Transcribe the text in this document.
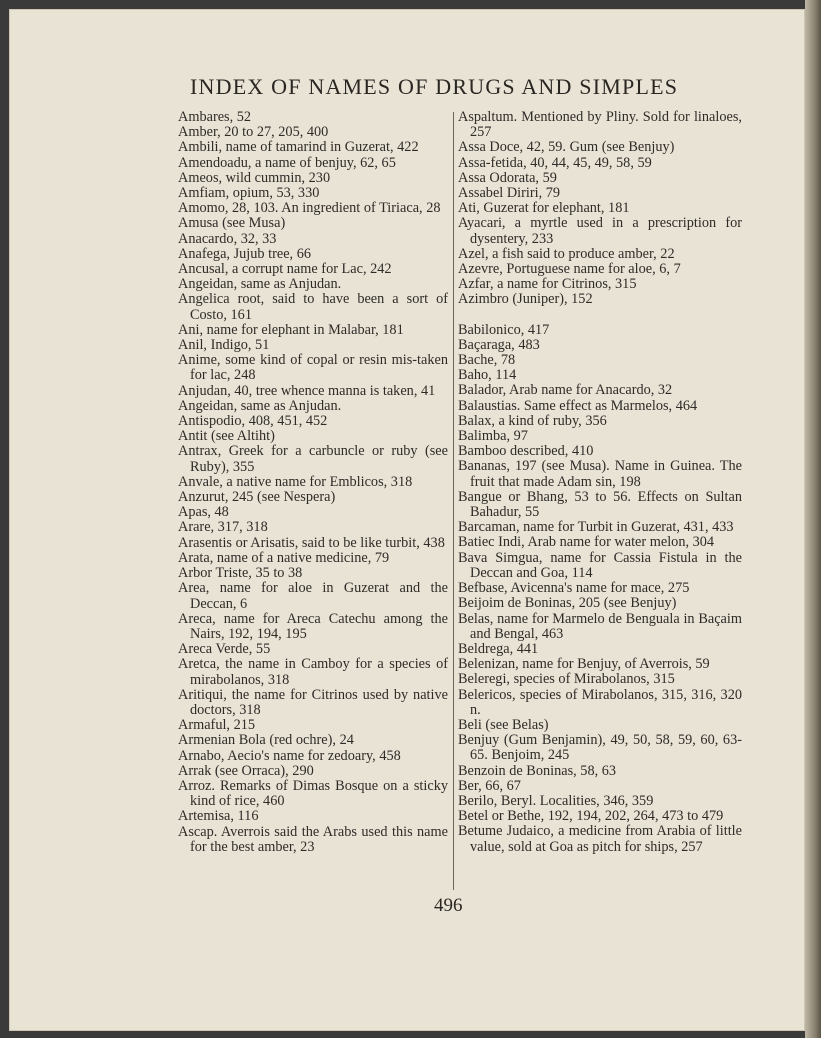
INDEX OF NAMES OF DRUGS AND SIMPLES

Ambares, 52

Amber, 20 to 27, 205, 400

Ambili, name of tamarind in Guzerat, 422

Amendoadu, a name of benjuy, 62, 65

Ameos, wild cummin, 230

Amfiam, opium, 53, 330

Amomo, 28, 103. An ingredient of Tiriaca, 28

Amusa (see Musa)

Anacardo, 32, 33

Anafega, Jujub tree, 66

Ancusal, a corrupt name for Lac, 242

Angeidan, same as Anjudan.

Angelica root, said to have been a sort of Costo, 161

Ani, name for elephant in Malabar, 181

Anil, Indigo, 51

Anime, some kind of copal or resin mis-taken for lac, 248

Anjudan, 40, tree whence manna is taken, 41

Angeidan, same as Anjudan.

Antispodio, 408, 451, 452

Antit (see Altiht)

Antrax, Greek for a carbuncle or ruby (see Ruby), 355

Anvale, a native name for Emblicos, 318

Anzurut, 245 (see Nespera)

Apas, 48

Arare, 317, 318

Arasentis or Arisatis, said to be like turbit, 438

Arata, name of a native medicine, 79

Arbor Triste, 35 to 38

Area, name for aloe in Guzerat and the Deccan, 6

Areca, name for Areca Catechu among the Nairs, 192, 194, 195

Areca Verde, 55

Aretca, the name in Camboy for a species of mirabolanos, 318

Aritiqui, the name for Citrinos used by native doctors, 318

Armaful, 215

Armenian Bola (red ochre), 24

Arnabo, Aecio's name for zedoary, 458

Arrak (see Orraca), 290

Arroz. Remarks of Dimas Bosque on a sticky kind of rice, 460

Artemisa, 116

Ascap. Averrois said the Arabs used this name for the best amber, 23

Aspaltum. Mentioned by Pliny. Sold for linaloes, 257

Assa Doce, 42, 59. Gum (see Benjuy)

Assa-fetida, 40, 44, 45, 49, 58, 59

Assa Odorata, 59

Assabel Diriri, 79

Ati, Guzerat for elephant, 181

Ayacari, a myrtle used in a prescription for dysentery, 233

Azel, a fish said to produce amber, 22

Azevre, Portuguese name for aloe, 6, 7

Azfar, a name for Citrinos, 315

Azimbro (Juniper), 152

Babilonico, 417

Baçaraga, 483

Bache, 78

Baho, 114

Balador, Arab name for Anacardo, 32

Balaustias. Same effect as Marmelos, 464

Balax, a kind of ruby, 356

Balimba, 97

Bamboo described, 410

Bananas, 197 (see Musa). Name in Guinea. The fruit that made Adam sin, 198

Bangue or Bhang, 53 to 56. Effects on Sultan Bahadur, 55

Barcaman, name for Turbit in Guzerat, 431, 433

Batiec Indi, Arab name for water melon, 304

Bava Simgua, name for Cassia Fistula in the Deccan and Goa, 114

Befbase, Avicenna's name for mace, 275

Beijoim de Boninas, 205 (see Benjuy)

Belas, name for Marmelo de Benguala in Baçaim and Bengal, 463

Beldrega, 441

Belenizan, name for Benjuy, of Averrois, 59

Beleregi, species of Mirabolanos, 315

Belericos, species of Mirabolanos, 315, 316, 320 n.

Beli (see Belas)

Benjuy (Gum Benjamin), 49, 50, 58, 59, 60, 63-65. Benjoim, 245

Benzoin de Boninas, 58, 63

Ber, 66, 67

Berilo, Beryl. Localities, 346, 359

Betel or Bethe, 192, 194, 202, 264, 473 to 479

Betume Judaico, a medicine from Arabia of little value, sold at Goa as pitch for ships, 257

496
